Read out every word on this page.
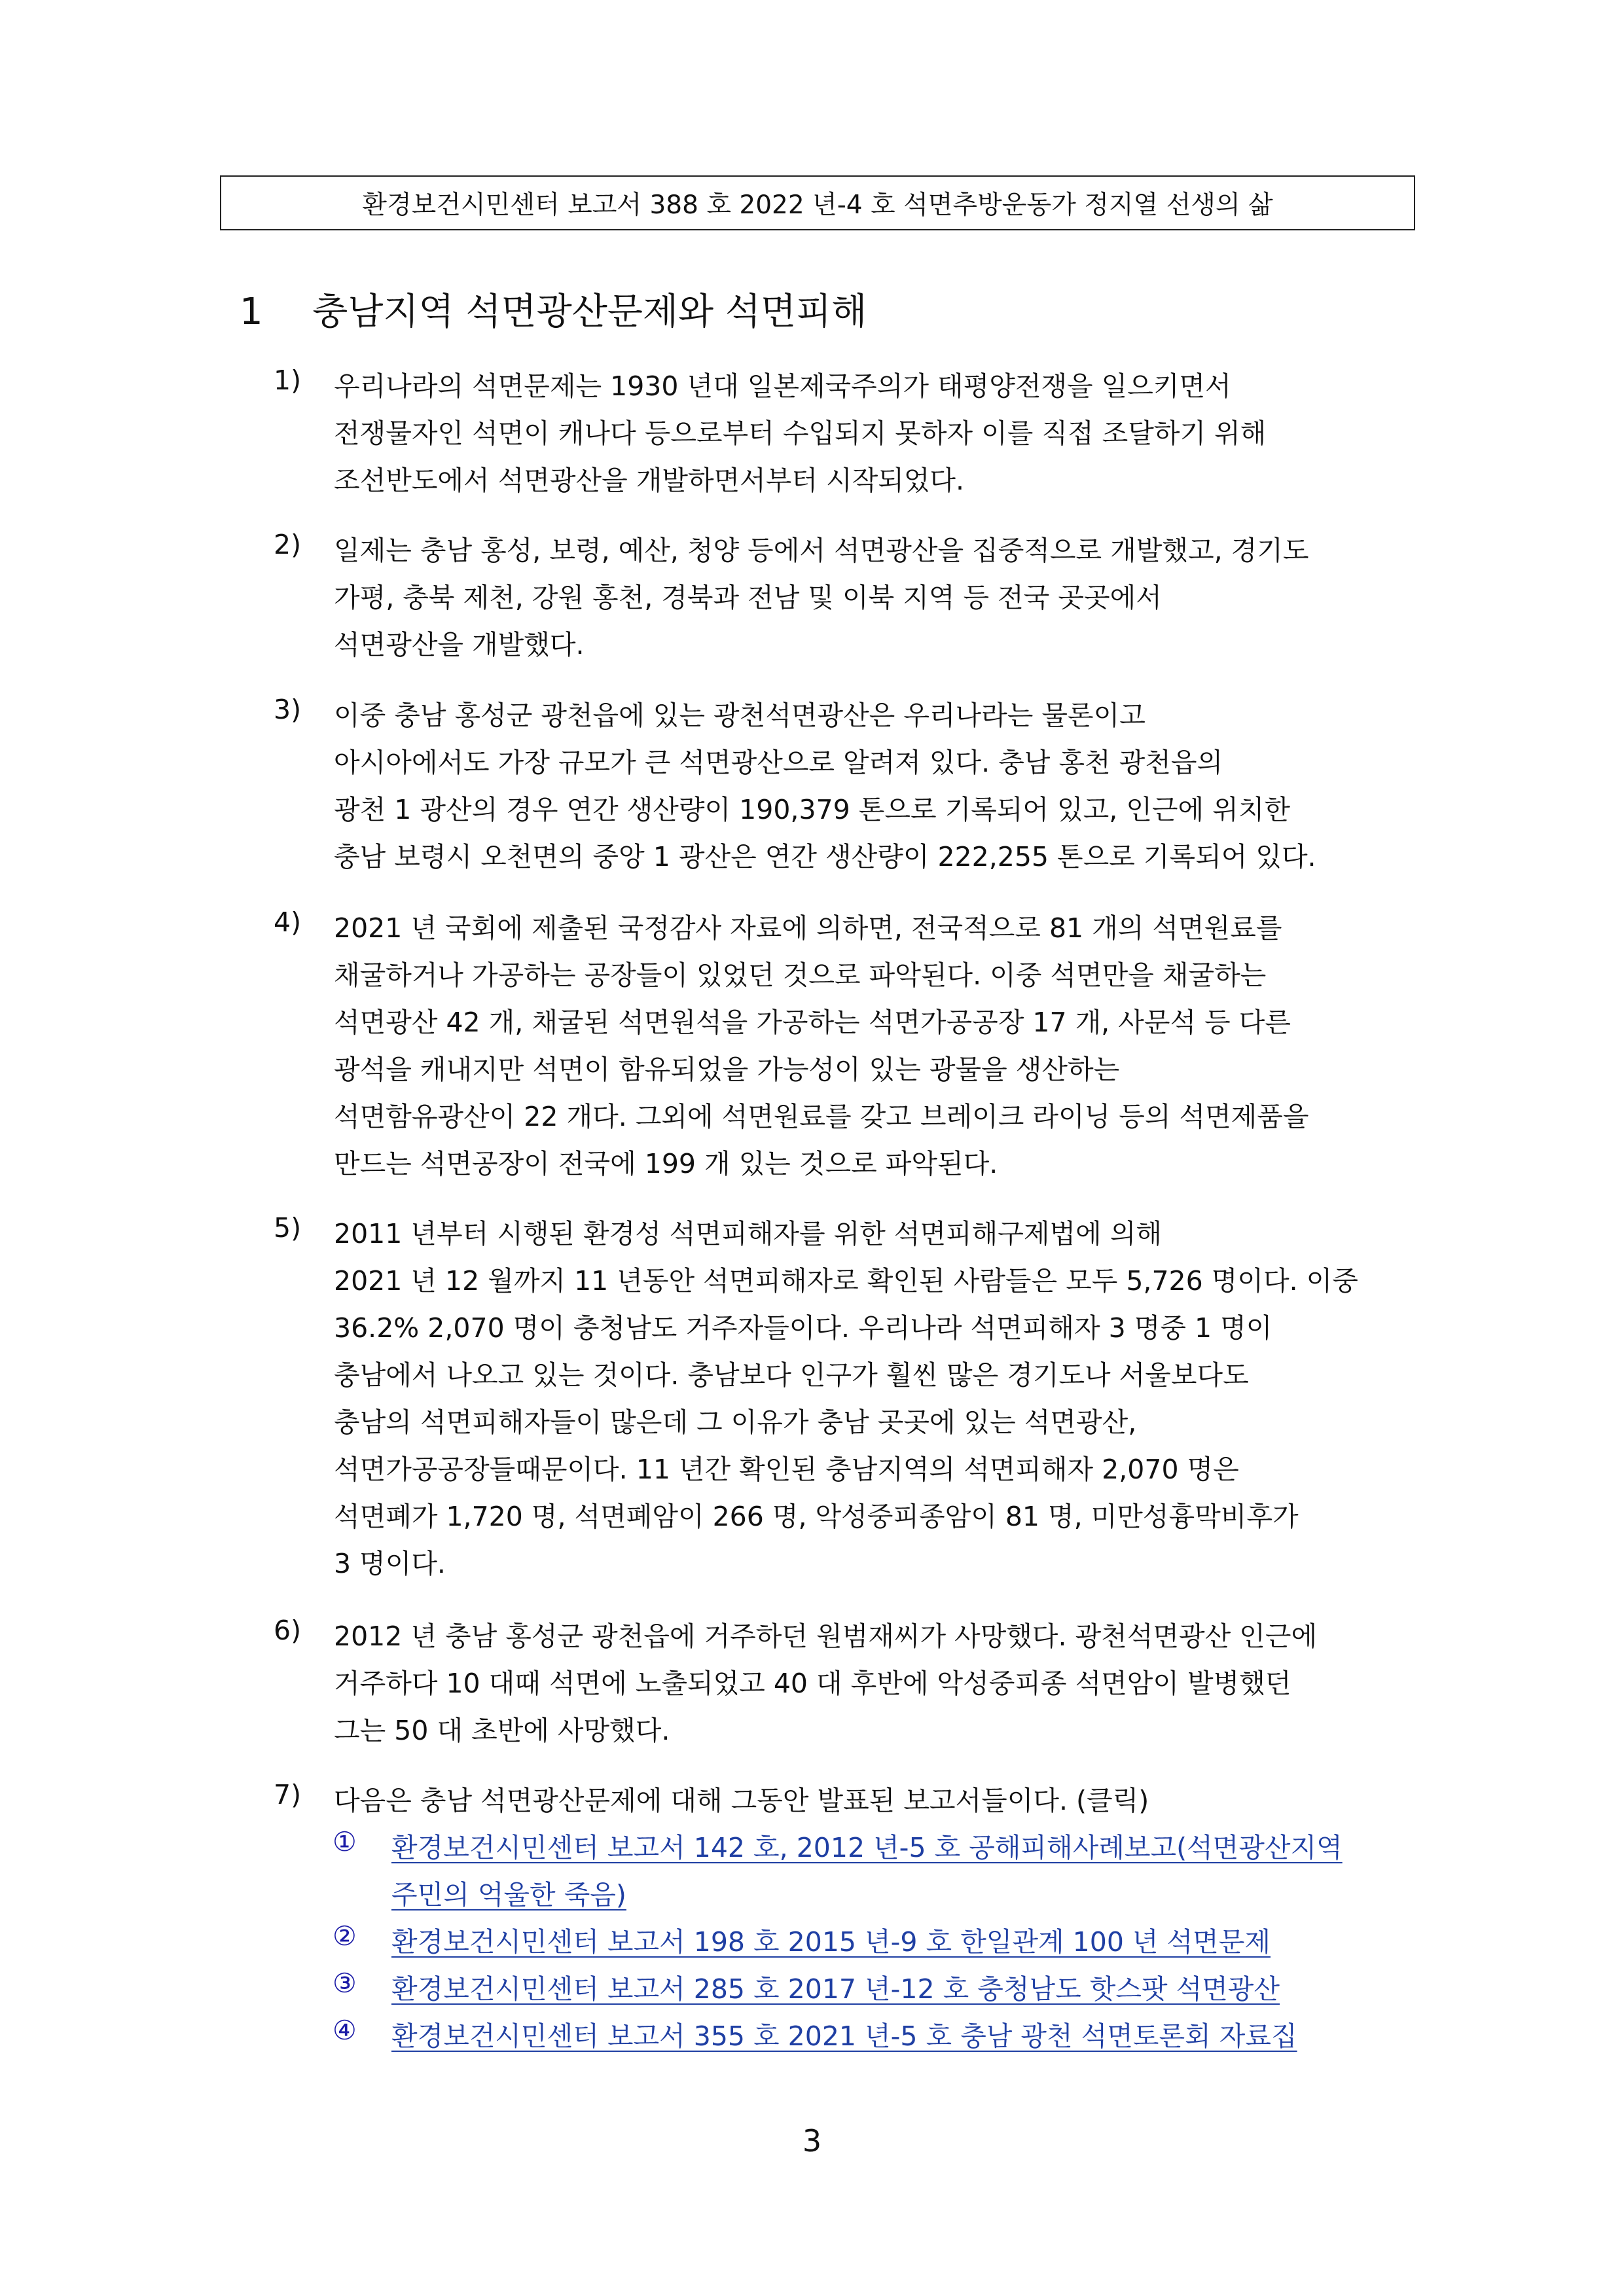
환경보건시민센터 보고서 388 호 2022 년-4 호 석면추방운동가 정지열 선생의 삶
1 충남지역 석면광산문제와 석면피해
1) 우리나라의 석면문제는 1930 년대 일본제국주의가 태평양전쟁을 일으키면서
전쟁물자인 석면이 캐나다 등으로부터 수입되지 못하자 이를 직접 조달하기 위해
조선반도에서 석면광산을 개발하면서부터 시작되었다.
2) 일제는 충남 홍성, 보령, 예산, 청양 등에서 석면광산을 집중적으로 개발했고, 경기도
가평, 충북 제천, 강원 홍천, 경북과 전남 및 이북 지역 등 전국 곳곳에서
석면광산을 개발했다.
3) 이중 충남 홍성군 광천읍에 있는 광천석면광산은 우리나라는 물론이고
아시아에서도 가장 규모가 큰 석면광산으로 알려져 있다. 충남 홍천 광천읍의
광천 1 광산의 경우 연간 생산량이 190,379 톤으로 기록되어 있고, 인근에 위치한
충남 보령시 오천면의 중앙 1 광산은 연간 생산량이 222,255 톤으로 기록되어 있다.
4) 2021 년 국회에 제출된 국정감사 자료에 의하면, 전국적으로 81 개의 석면원료를
채굴하거나 가공하는 공장들이 있었던 것으로 파악된다. 이중 석면만을 채굴하는
석면광산 42 개, 채굴된 석면원석을 가공하는 석면가공공장 17 개, 사문석 등 다른
광석을 캐내지만 석면이 함유되었을 가능성이 있는 광물을 생산하는
석면함유광산이 22 개다. 그외에 석면원료를 갖고 브레이크 라이닝 등의 석면제품을
만드는 석면공장이 전국에 199 개 있는 것으로 파악된다.
5) 2011 년부터 시행된 환경성 석면피해자를 위한 석면피해구제법에 의해
2021 년 12 월까지 11 년동안 석면피해자로 확인된 사람들은 모두 5,726 명이다. 이중
36.2% 2,070 명이 충청남도 거주자들이다. 우리나라 석면피해자 3 명중 1 명이
충남에서 나오고 있는 것이다. 충남보다 인구가 훨씬 많은 경기도나 서울보다도
충남의 석면피해자들이 많은데 그 이유가 충남 곳곳에 있는 석면광산,
석면가공공장들때문이다. 11 년간 확인된 충남지역의 석면피해자 2,070 명은
석면폐가 1,720 명, 석면폐암이 266 명, 악성중피종암이 81 명, 미만성흉막비후가
3 명이다.
6) 2012 년 충남 홍성군 광천읍에 거주하던 원범재씨가 사망했다. 광천석면광산 인근에
거주하다 10 대때 석면에 노출되었고 40 대 후반에 악성중피종 석면암이 발병했던
그는 50 대 초반에 사망했다.
7) 다음은 충남 석면광산문제에 대해 그동안 발표된 보고서들이다. (클릭)
① 환경보건시민센터 보고서 142 호, 2012 년-5 호 공해피해사례보고(석면광산지역
주민의 억울한 죽음)
② 환경보건시민센터 보고서 198 호 2015 년-9 호 한일관계 100 년 석면문제
③ 환경보건시민센터 보고서 285 호 2017 년-12 호 충청남도 핫스팟 석면광산
④ 환경보건시민센터 보고서 355 호 2021 년-5 호 충남 광천 석면토론회 자료집
3
